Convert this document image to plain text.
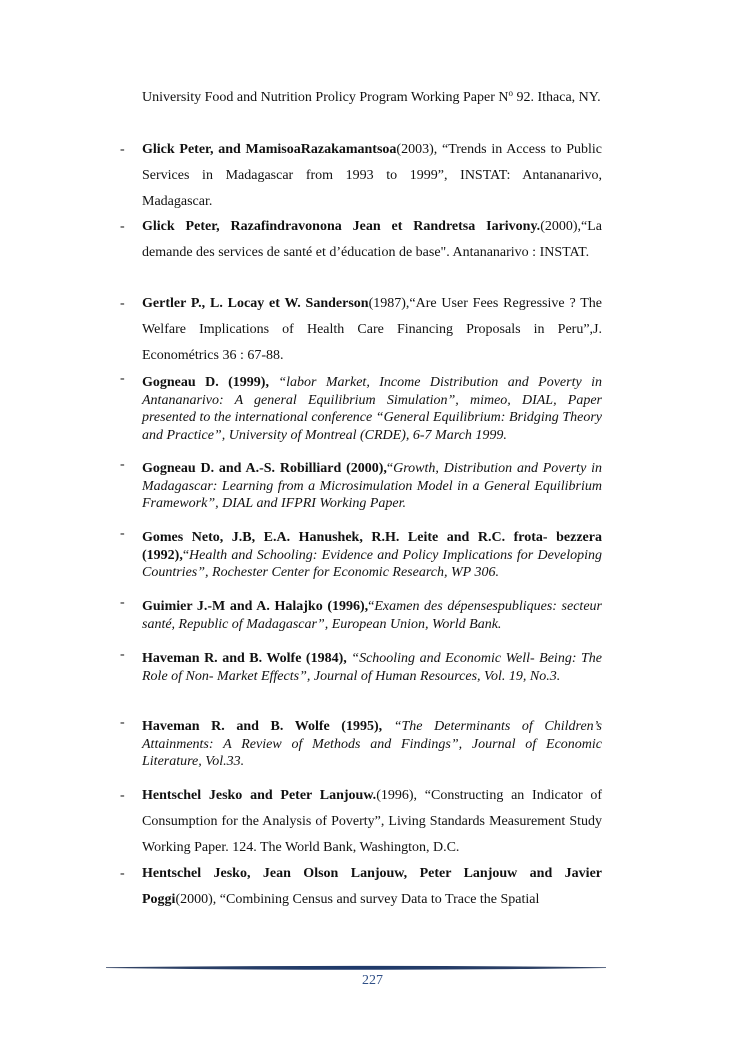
University Food and Nutrition Prolicy Program Working Paper $N^o$ 92. Ithaca, NY.
- Glick Peter, and MamisoaRazakamantsoa(2003), “Trends in Access to Public Services in Madagascar from 1993 to 1999”, INSTAT: Antananarivo, Madagascar.
- Glick Peter, Razafindravononа Jean et Randretsa Iarivony.(2000),“La demande des services de santé et d’éducation de base". Antananarivo : INSTAT.
- Gertler P., L. Locay et W. Sanderson(1987),“Are User Fees Regressive ? The Welfare Implications of Health Care Financing Proposals in Peru”,J. Econométrics 36 : 67-88.
- Gogneau D. (1999), “labor Market, Income Distribution and Poverty in Antananarivo: A general Equilibrium Simulation”, mimeo, DIAL, Paper presented to the international conference “General Equilibrium: Bridging Theory and Practice”, University of Montreal (CRDE), 6-7 March 1999.
- Gogneau D. and A.-S. Robilliard (2000),“Growth, Distribution and Poverty in Madagascar: Learning from a Microsimulation Model in a General Equilibrium Framework”, DIAL and IFPRI Working Paper.
- Gomes Neto, J.B, E.A. Hanushek, R.H. Leite and R.C. frota- bezzera (1992),“Health and Schooling: Evidence and Policy Implications for Developing Countries”, Rochester Center for Economic Research, WP 306.
- Guimier J.-M and A. Halajko (1996),“Examen des dépensespubliques: secteur santé, Republic of Madagascar”, European Union, World Bank.
- Haveman R. and B. Wolfe (1984), “Schooling and Economic Well- Being: The Role of Non- Market Effects”, Journal of Human Resources, Vol. 19, No.3.
- Haveman R. and B. Wolfe (1995), “The Determinants of Children’s Attainments: A Review of Methods and Findings”, Journal of Economic Literature, Vol.33.
- Hentschel Jesko and Peter Lanjouw.(1996), “Constructing an Indicator of Consumption for the Analysis of Poverty”, Living Standards Measurement Study Working Paper. 124. The World Bank, Washington, D.C.
- Hentschel Jesko, Jean Olson Lanjouw, Peter Lanjouw and Javier Poggi(2000), “Combining Census and survey Data to Trace the Spatial
227
